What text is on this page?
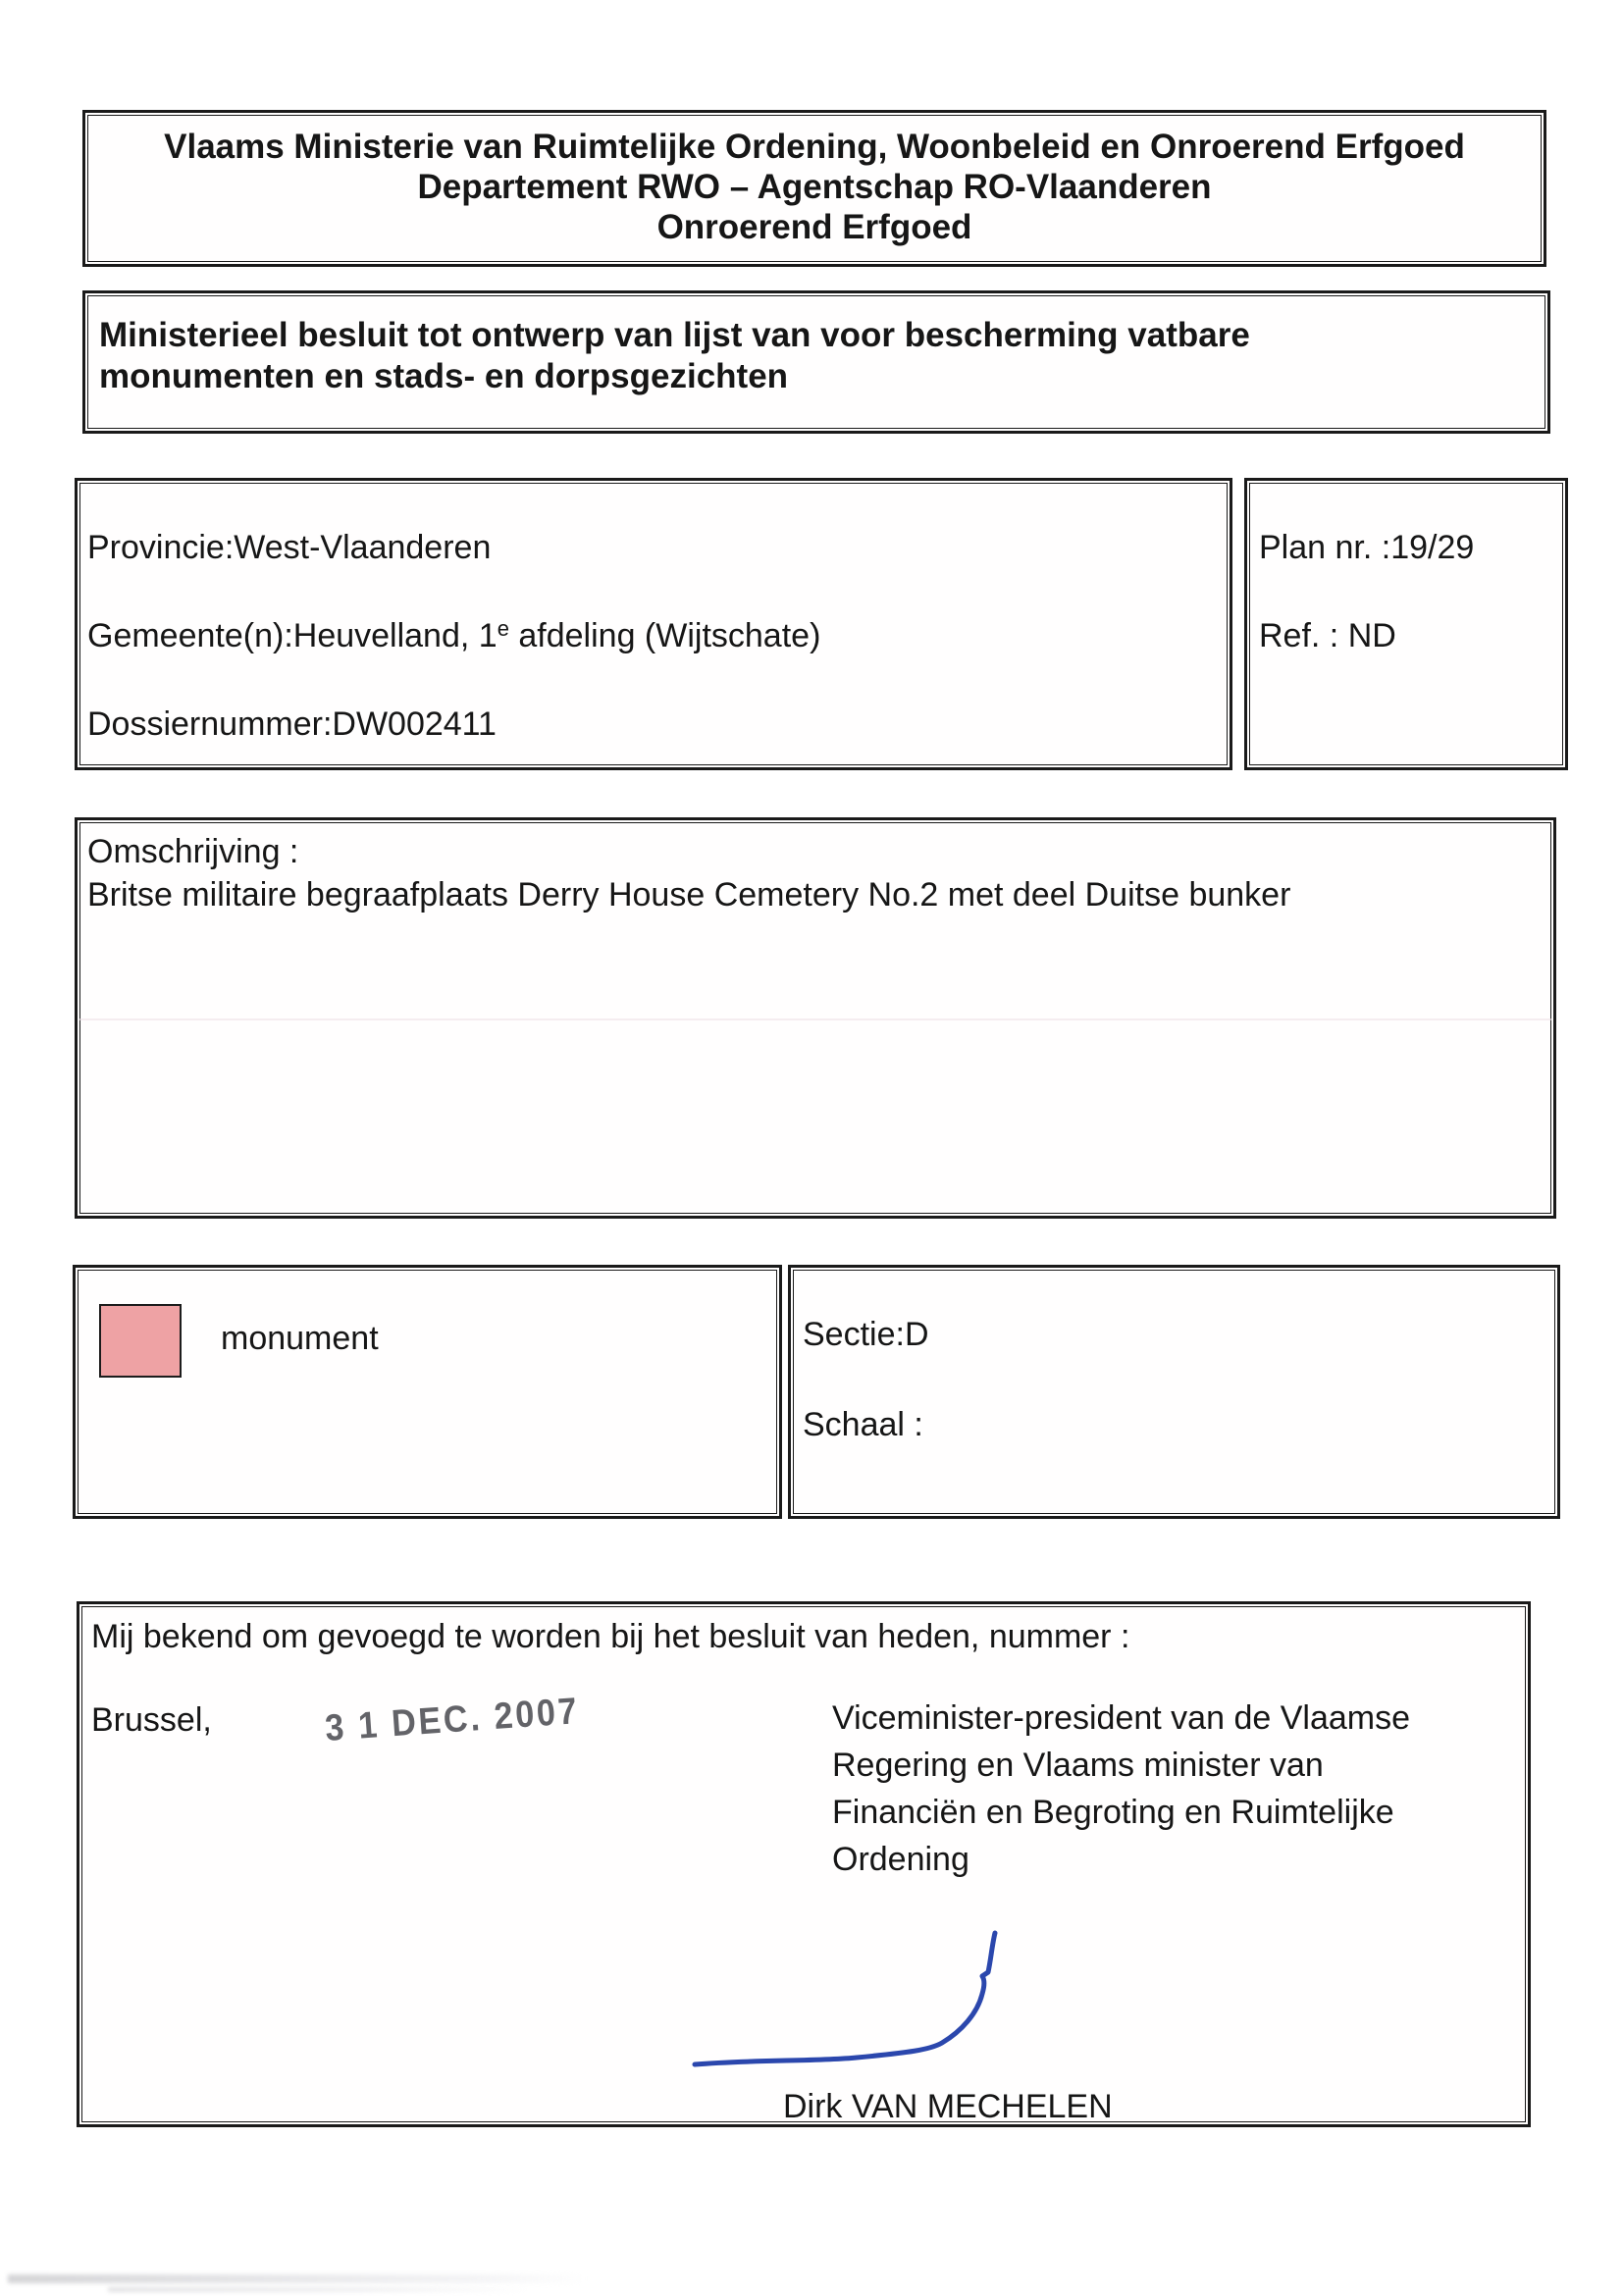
Vlaams Ministerie van Ruimtelijke Ordening, Woonbeleid en Onroerend Erfgoed
Departement RWO – Agentschap RO-Vlaanderen
Onroerend Erfgoed
Ministerieel besluit tot ontwerp van lijst van voor bescherming vatbare
monumenten en stads- en dorpsgezichten
Provincie:West-Vlaanderen
Gemeente(n):Heuvelland, 1e afdeling (Wijtschate)
Dossiernummer:DW002411
Plan nr. :19/29
Ref. : ND
Omschrijving :
Britse militaire begraafplaats Derry House Cemetery No.2 met deel Duitse bunker
monument	Sectie:D
Schaal :
Mij bekend om gevoegd te worden bij het besluit van heden, nummer :
Brussel,	3 1 DEC. 2007	Viceminister-president van de Vlaamse
Regering en Vlaams minister van
Financiën en Begroting en Ruimtelijke
Ordening
Dirk VAN MECHELEN
